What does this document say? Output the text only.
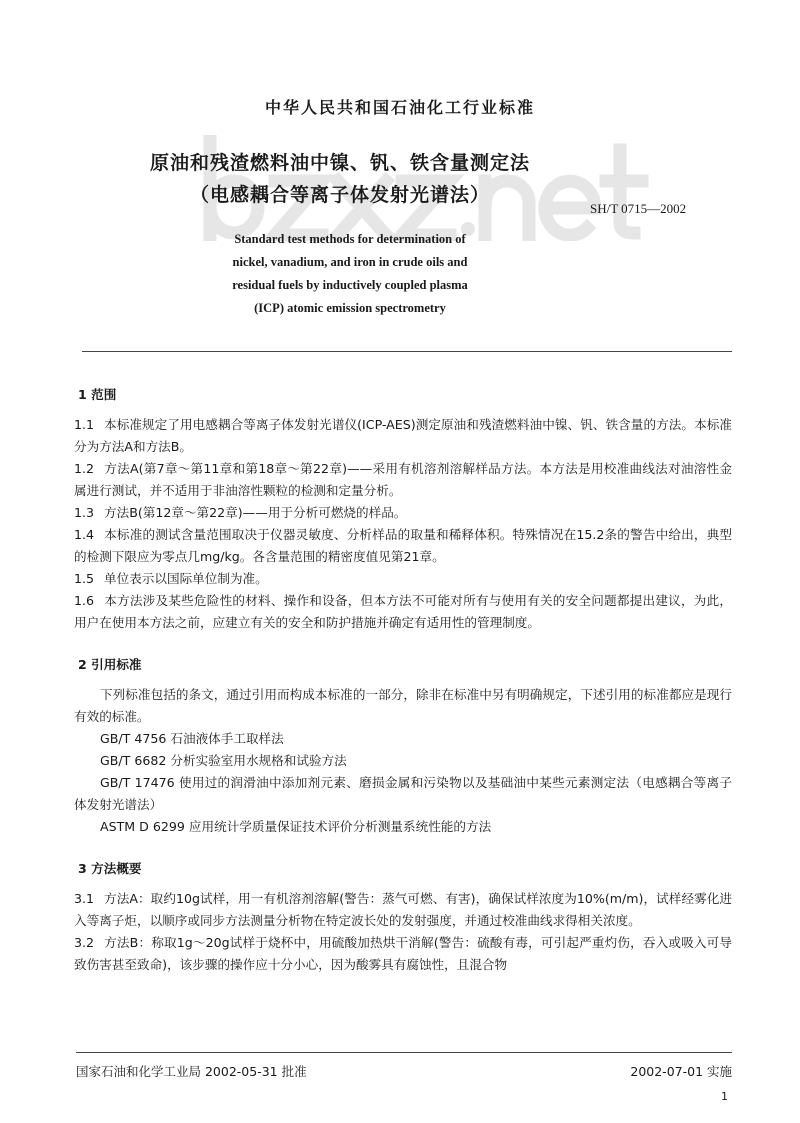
中华人民共和国石油化工行业标准
原油和残渣燃料油中镍、钒、铁含量测定法
（电感耦合等离子体发射光谱法）
SH/T 0715—2002
Standard test methods for determination of
nickel, vanadium, and iron in crude oils and
residual fuels by inductively coupled plasma
(ICP) atomic emission spectrometry
1 范围

1.1 本标准规定了用电感耦合等离子体发射光谱仪(ICP-AES)测定原油和残渣燃料油中镍、钒、铁含量的方法。本标准分为方法A和方法B。

1.2 方法A(第7章～第11章和第18章～第22章)——采用有机溶剂溶解样品方法。本方法是用校准曲线法对油溶性金属进行测试，并不适用于非油溶性颗粒的检测和定量分析。

1.3 方法B(第12章～第22章)——用于分析可燃烧的样品。

1.4 本标准的测试含量范围取决于仪器灵敏度、分析样品的取量和稀释体积。特殊情况在15.2条的警告中给出，典型的检测下限应为零点几mg/kg。各含量范围的精密度值见第21章。

1.5 单位表示以国际单位制为准。

1.6 本方法涉及某些危险性的材料、操作和设备，但本方法不可能对所有与使用有关的安全问题都提出建议，为此，用户在使用本方法之前，应建立有关的安全和防护措施并确定有适用性的管理制度。

2 引用标准

下列标准包括的条文，通过引用而构成本标准的一部分，除非在标准中另有明确规定，下述引用的标准都应是现行有效的标准。

GB/T 4756 石油液体手工取样法

GB/T 6682 分析实验室用水规格和试验方法

GB/T 17476 使用过的润滑油中添加剂元素、磨损金属和污染物以及基础油中某些元素测定法（电感耦合等离子体发射光谱法）

ASTM D 6299 应用统计学质量保证技术评价分析测量系统性能的方法

3 方法概要

3.1 方法A：取约10g试样，用一有机溶剂溶解(警告：蒸气可燃、有害)，确保试样浓度为10%(m/m)，试样经雾化进入等离子炬，以顺序或同步方法测量分析物在特定波长处的发射强度，并通过校准曲线求得相关浓度。

3.2 方法B：称取1g～20g试样于烧杯中，用硫酸加热烘干消解(警告：硫酸有毒，可引起严重灼伤，吞入或吸入可导致伤害甚至致命)，该步骤的操作应十分小心，因为酸雾具有腐蚀性，且混合物

国家石油和化学工业局 2002-05-31 批准	2002-07-01 实施
1
